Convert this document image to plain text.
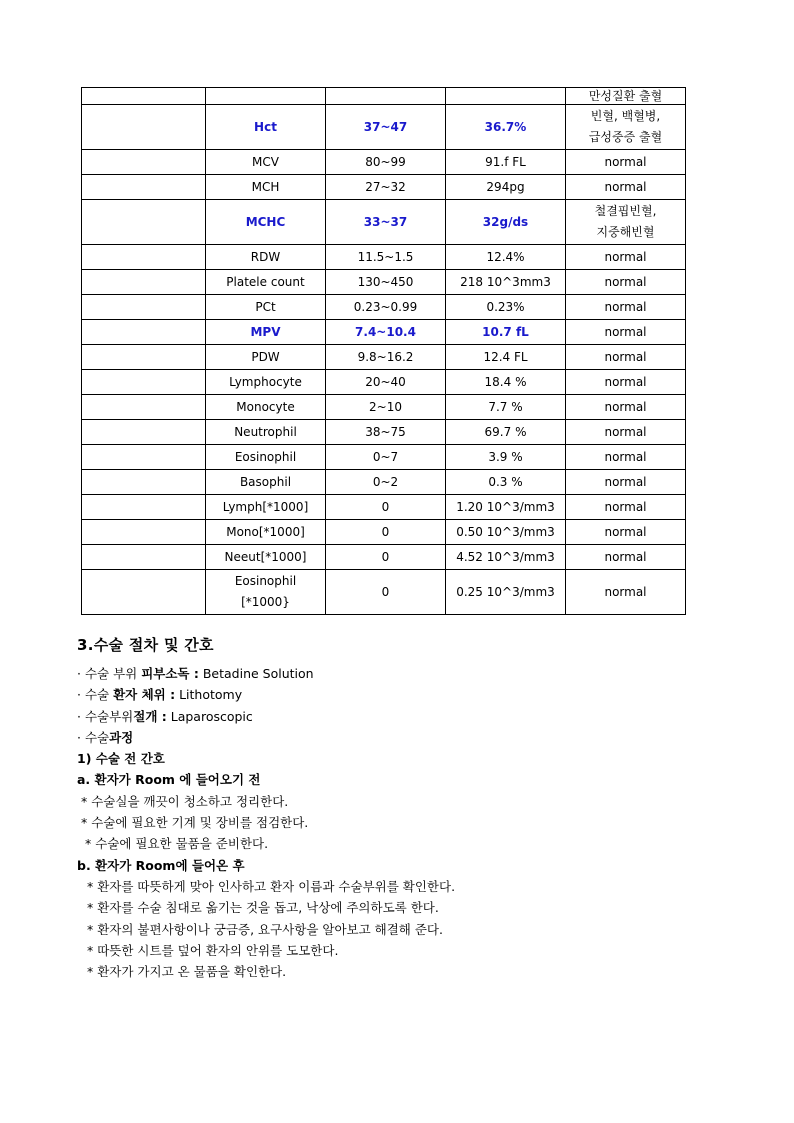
				만성질환 출혈
	Hct	37~47	36.7%	빈혈, 백혈병,
급성중증 출혈

	MCV	80~99	91.f FL	normal
	MCH	27~32	294pg	normal
	MCHC	33~37	32g/ds	철결핍빈혈,
지중해빈혈

	RDW	11.5~1.5	12.4%	normal
	Platele count	130~450	218 10^3mm3	normal
	PCt	0.23~0.99	0.23%	normal
	MPV	7.4~10.4	10.7 fL	normal
	PDW	9.8~16.2	12.4 FL	normal
	Lymphocyte	20~40	18.4 %	normal
	Monocyte	2~10	7.7 %	normal
	Neutrophil	38~75	69.7 %	normal
	Eosinophil	0~7	3.9 %	normal
	Basophil	0~2	0.3 %	normal
	Lymph[*1000]	0	1.20 10^3/mm3	normal
	Mono[*1000]	0	0.50 10^3/mm3	normal
	Neeut[*1000]	0	4.52 10^3/mm3	normal

	Eosinophil
[*1000}	0	0.25 10^3/mm3	normal
3.수술 절차 및 간호
· 수술 부위 피부소독 : Betadine Solution
· 수술 환자 체위 : Lithotomy
· 수술부위절개 : Laparoscopic
· 수술과정
1) 수술 전 간호
a. 환자가 Room 에 들어오기 전
* 수술실을 깨끗이 청소하고 정리한다.
* 수술에 필요한 기계 및 장비를 점검한다.
* 수술에 필요한 물품을 준비한다.
b. 환자가 Room에 들어온 후
* 환자를 따뜻하게 맞아 인사하고 환자 이름과 수술부위를 확인한다.
* 환자를 수술 침대로 옮기는 것을 돕고, 낙상에 주의하도록 한다.
* 환자의 불편사항이나 궁금증, 요구사항을 알아보고 해결해 준다.
* 따뜻한 시트를 덮어 환자의 안위를 도모한다.
* 환자가 가지고 온 물품을 확인한다.
